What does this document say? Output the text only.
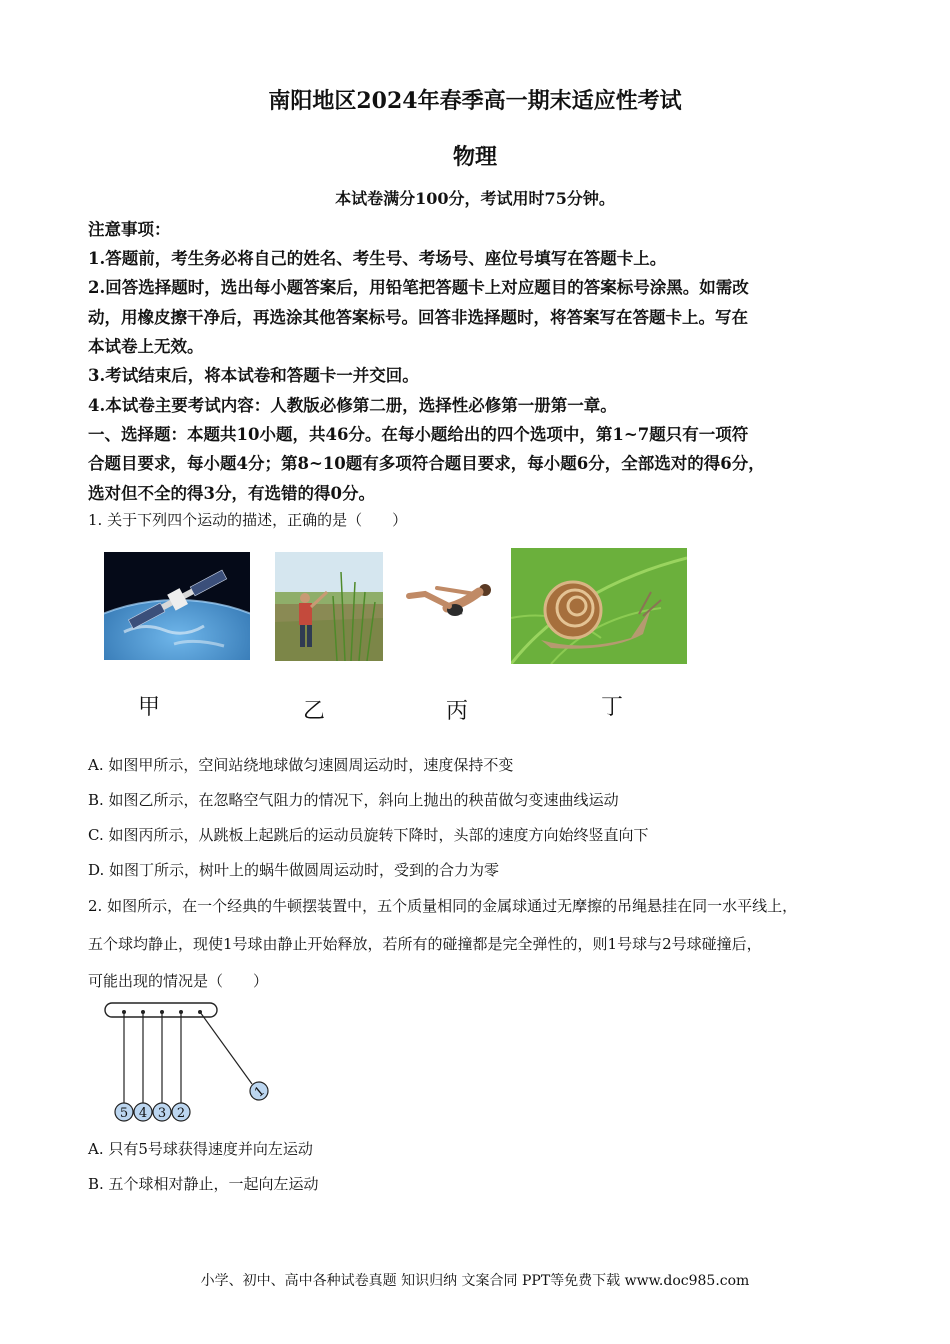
南阳地区2024年春季高一期末适应性考试
物理
本试卷满分100分，考试用时75分钟。
注意事项：
1.答题前，考生务必将自己的姓名、考生号、考场号、座位号填写在答题卡上。
2.回答选择题时，选出每小题答案后，用铅笔把答题卡上对应题目的答案标号涂黑。如需改
动，用橡皮擦干净后，再选涂其他答案标号。回答非选择题时，将答案写在答题卡上。写在
本试卷上无效。
3.考试结束后，将本试卷和答题卡一并交回。
4.本试卷主要考试内容：人教版必修第二册，选择性必修第一册第一章。
一、选择题：本题共10小题，共46分。在每小题给出的四个选项中，第1~7题只有一项符
合题目要求，每小题4分；第8~10题有多项符合题目要求，每小题6分，全部选对的得6分，
选对但不全的得3分，有选错的得0分。
1. 关于下列四个运动的描述，正确的是（　　）
甲	乙	丙	丁
A. 如图甲所示，空间站绕地球做匀速圆周运动时，速度保持不变
B. 如图乙所示，在忽略空气阻力的情况下，斜向上抛出的秧苗做匀变速曲线运动
C. 如图丙所示，从跳板上起跳后的运动员旋转下降时，头部的速度方向始终竖直向下
D. 如图丁所示，树叶上的蜗牛做圆周运动时，受到的合力为零
2. 如图所示，在一个经典的牛顿摆装置中，五个质量相同的金属球通过无摩擦的吊绳悬挂在同一水平线上，
五个球均静止，现使1号球由静止开始释放，若所有的碰撞都是完全弹性的，则1号球与2号球碰撞后，
可能出现的情况是（　　）
5 4 3 2
1
A. 只有5号球获得速度并向左运动
B. 五个球相对静止，一起向左运动
小学、初中、高中各种试卷真题 知识归纳 文案合同 PPT等免费下载 www.doc985.com
